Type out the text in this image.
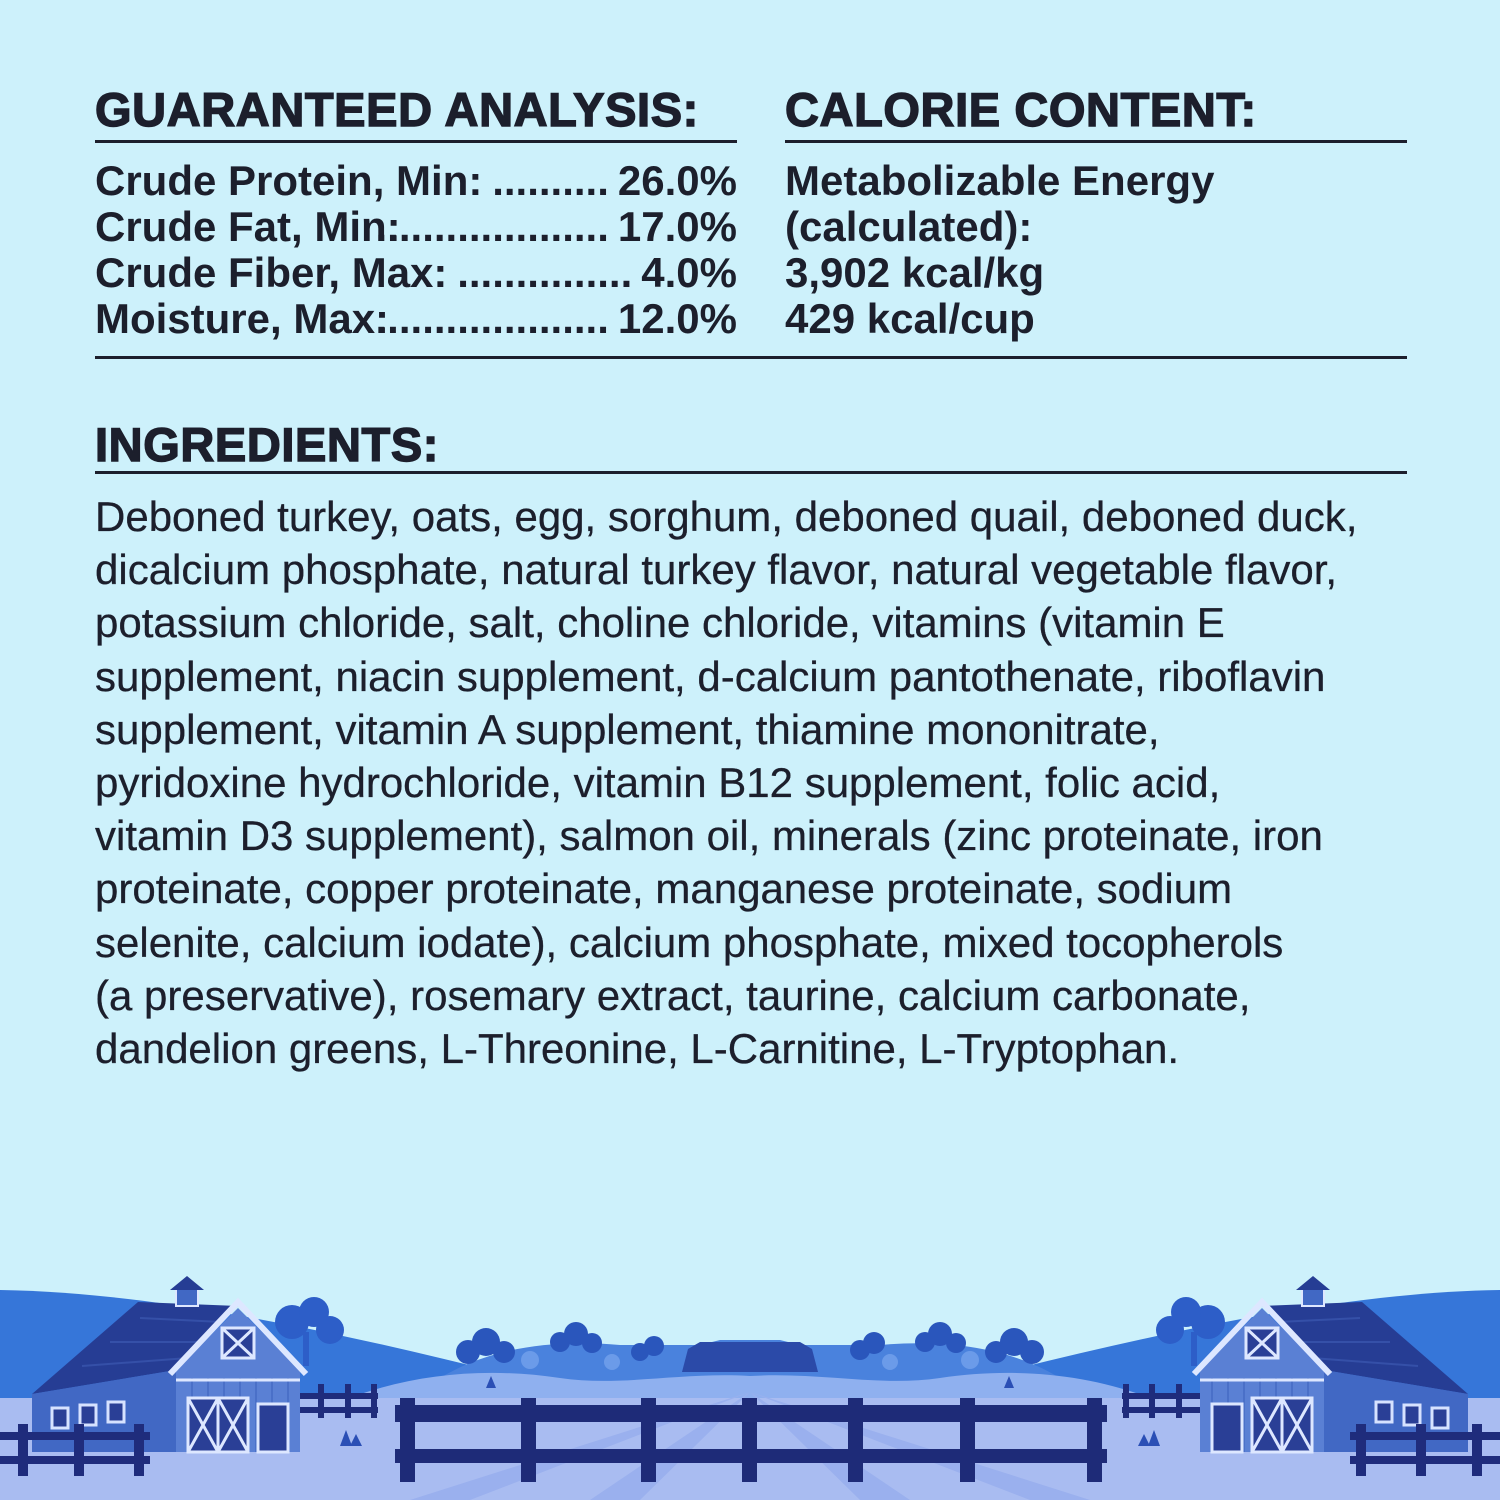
GUARANTEED ANALYSIS:
Crude Protein, Min: .......... 26.0%
Crude Fat, Min:
.................... 17.0%
Crude Fiber, Max: ............... 4.0%
Moisture, Max:
.................... 12.0%
CALORIE CONTENT:
Metabolizable Energy
(calculated):
3,902 kcal/kg
429 kcal/cup
INGREDIENTS:
Deboned turkey, oats, egg, sorghum, deboned quail, deboned duck,
dicalcium phosphate, natural turkey flavor, natural vegetable flavor,
potassium chloride, salt, choline chloride, vitamins (vitamin E
supplement, niacin supplement, d-calcium pantothenate, riboflavin
supplement, vitamin A supplement, thiamine mononitrate,
pyridoxine hydrochloride, vitamin B12 supplement, folic acid,
vitamin D3 supplement), salmon oil, minerals (zinc proteinate, iron
proteinate, copper proteinate, manganese proteinate, sodium
selenite, calcium iodate), calcium phosphate, mixed tocopherols
(a preservative), rosemary extract, taurine, calcium carbonate,
dandelion greens, L-Threonine, L-Carnitine, L-Tryptophan.
